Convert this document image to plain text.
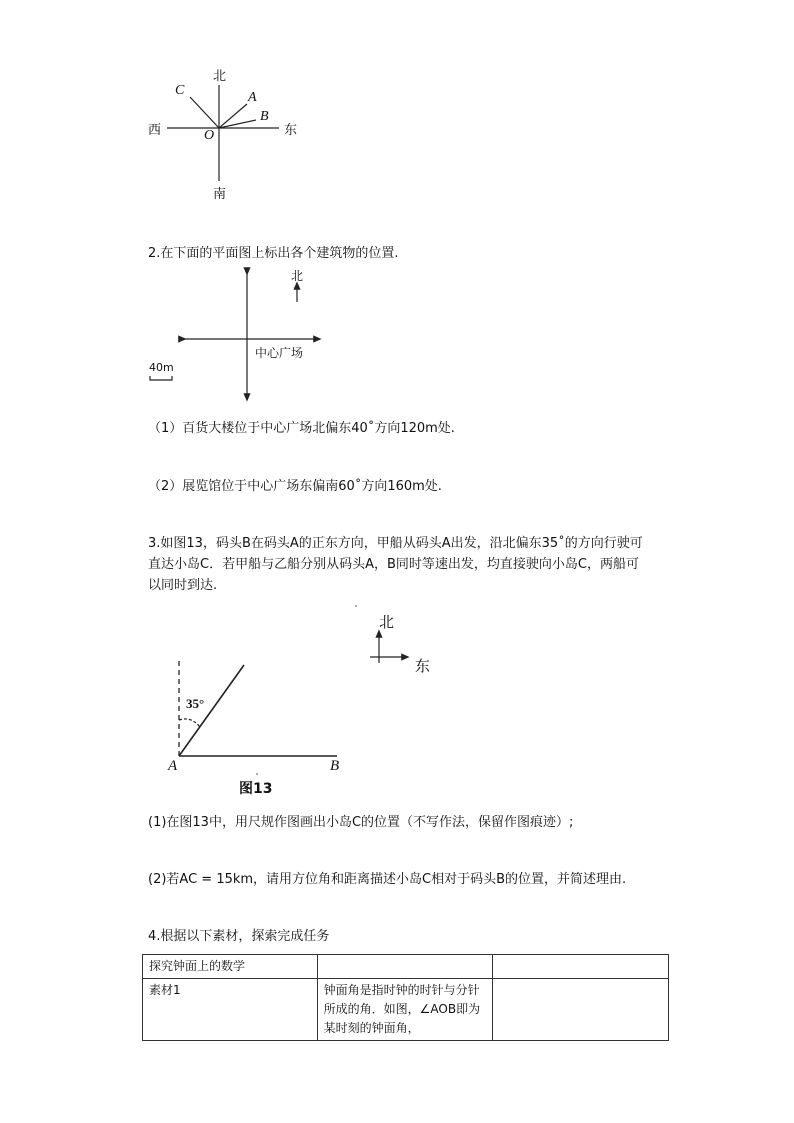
北
南
西	东
C	A
B
O
2.在下面的平面图上标出各个建筑物的位置.
北
中心广场
40m
（1）百货大楼位于中心广场北偏东40˚方向120m处.
（2）展览馆位于中心广场东偏南60˚方向160m处.
3.如图13，码头B在码头A的正东方向，甲船从码头A出发，沿北偏东35˚的方向行驶可
直达小岛C．若甲船与乙船分别从码头A，B同时等速出发，均直接驶向小岛C，两船可
以同时到达.
北
东
35°
A	B
图13
(1)在图13中，用尺规作图画出小岛C的位置（不写作法，保留作图痕迹）;
(2)若AC = 15km，请用方位角和距离描述小岛C相对于码头B的位置，并简述理由.
4.根据以下素材，探索完成任务
探究钟面上的数学		
素材1	钟面角是指时钟的时针与分针所成的角．如图，∠AOB即为某时刻的钟面角，	
